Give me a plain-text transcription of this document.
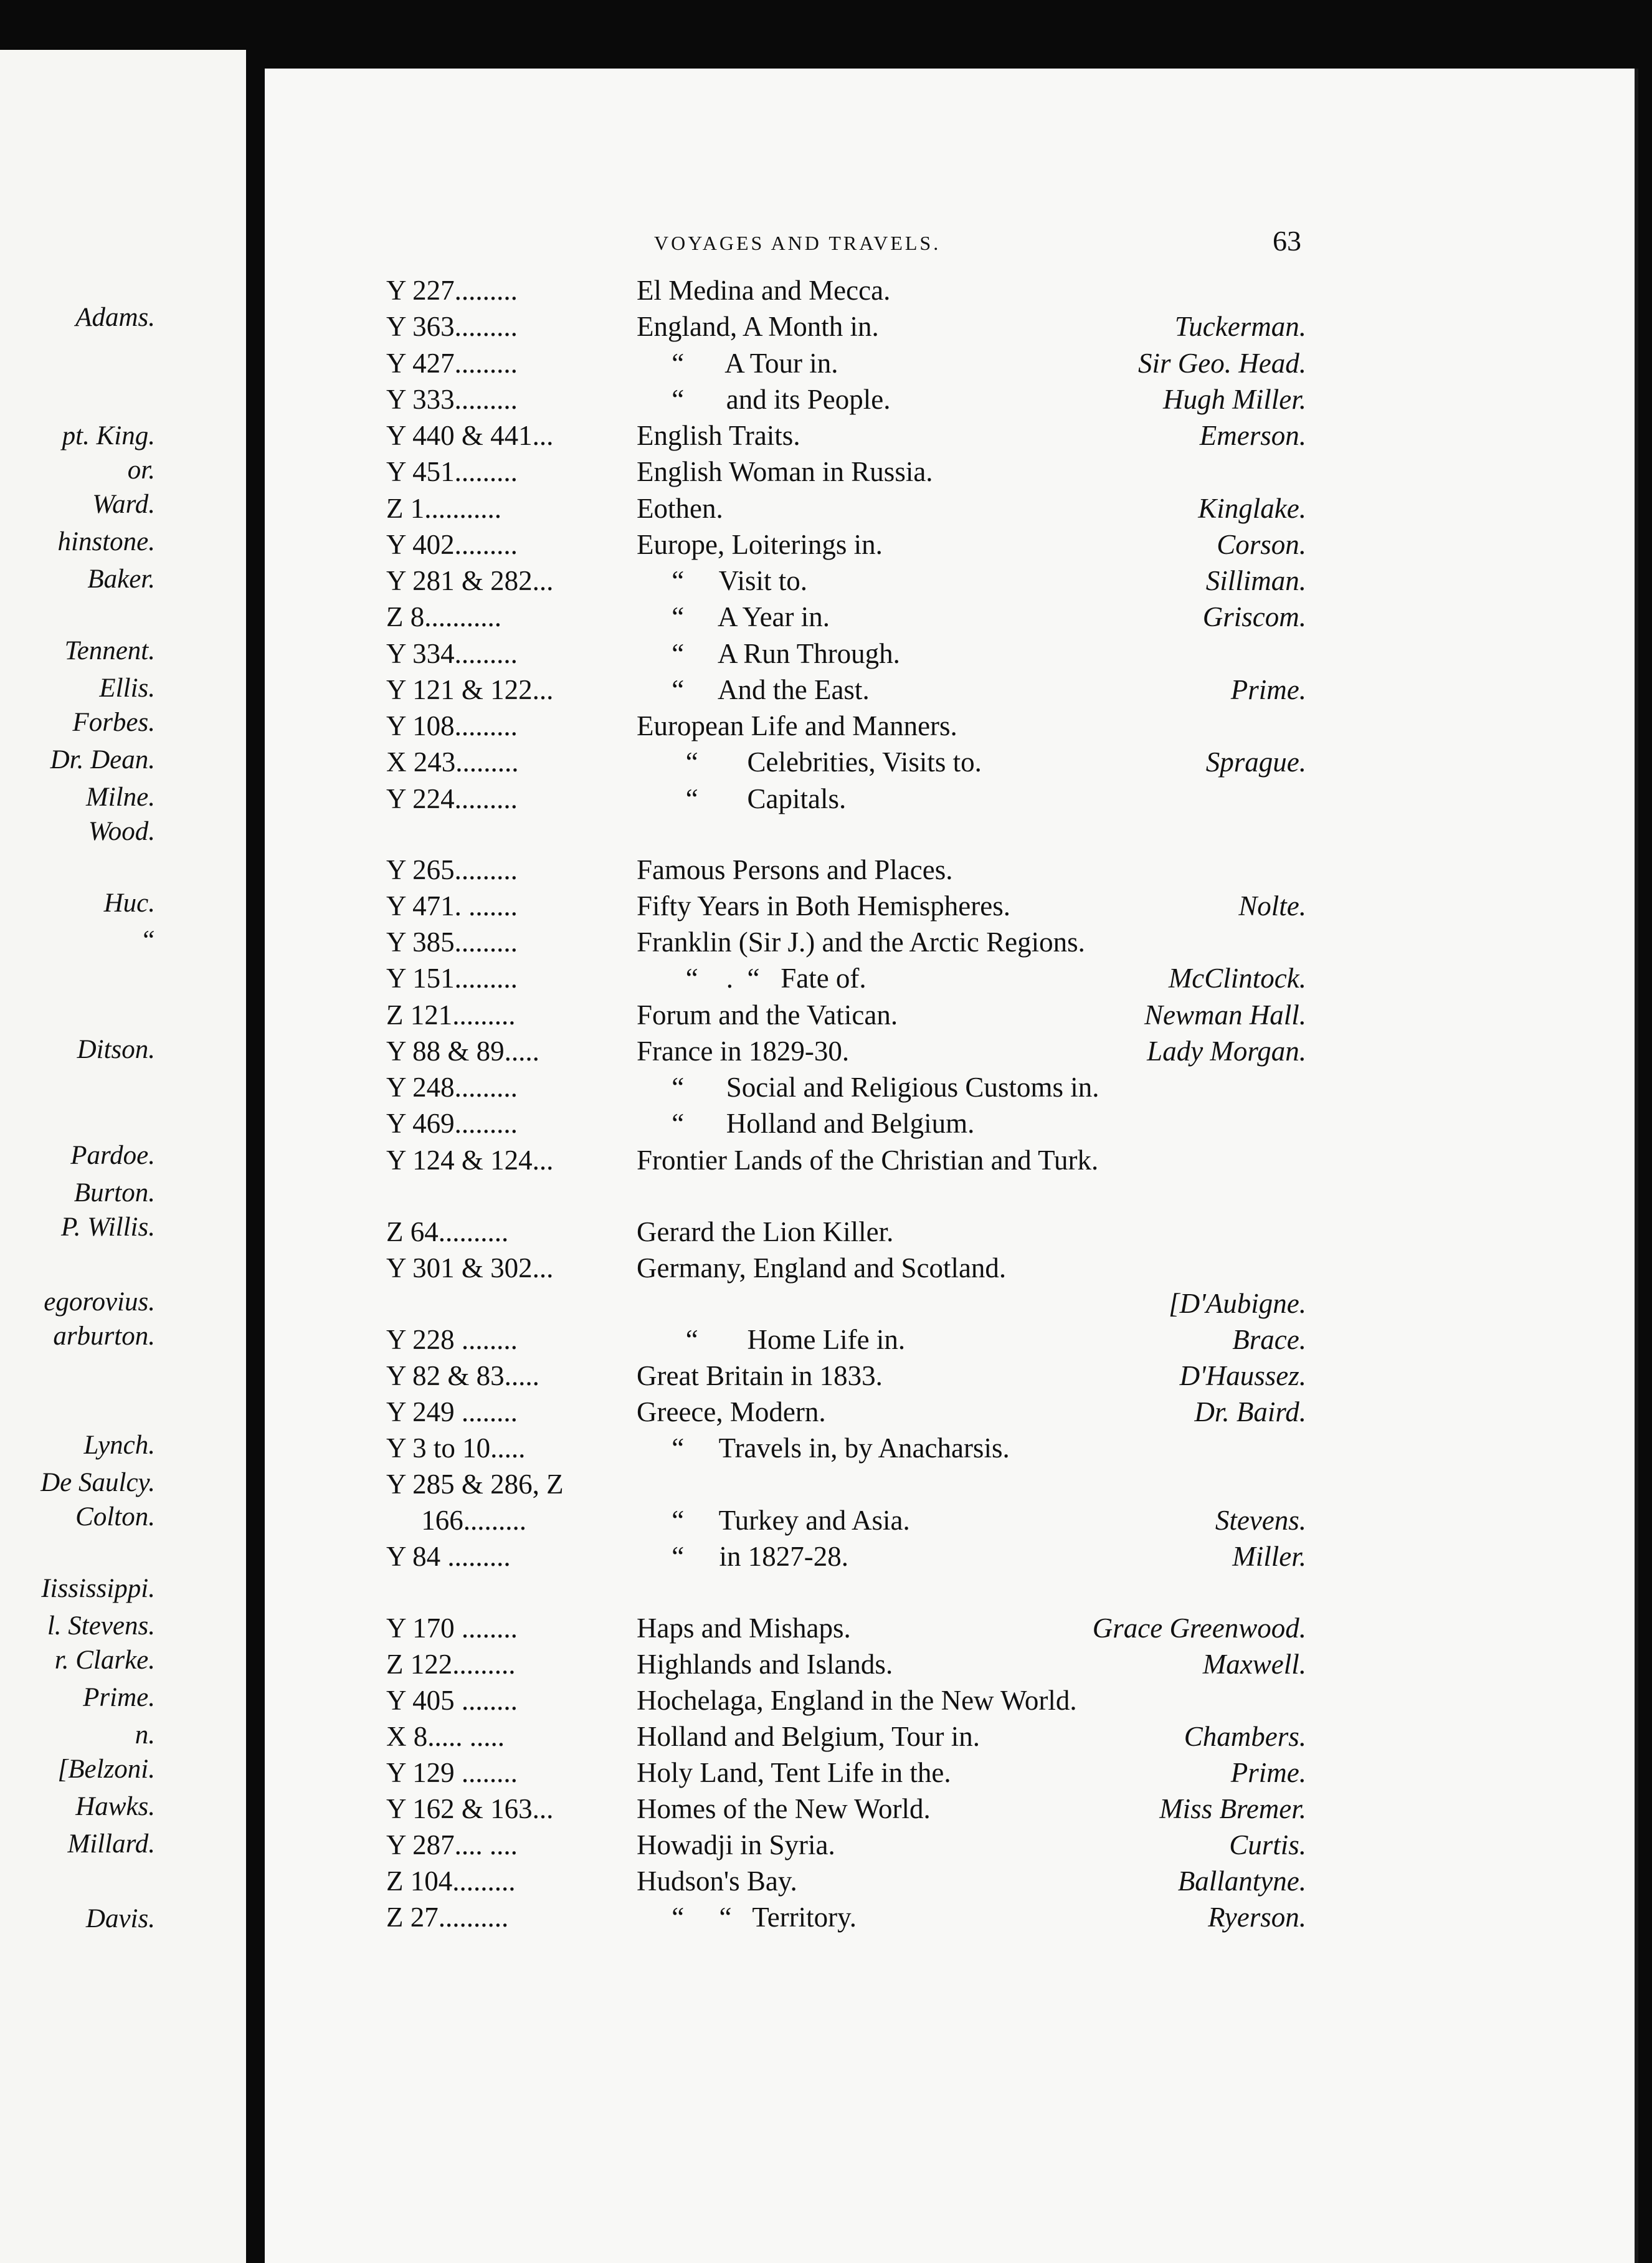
Adams.
pt. King.
or.
Ward.
hinstone.
Baker.
Tennent.
Ellis.
Forbes.
Dr. Dean.
Milne.
Wood.
Huc.
“
Ditson.
Pardoe.
Burton.
P. Willis.
egorovius.
arburton.
Lynch.
De Saulcy.
Colton.
Iississippi.
l. Stevens.
r. Clarke.
Prime.
n.
[Belzoni.
Hawks.
Millard.
Davis.
VOYAGES AND TRAVELS.	63
Y 227.........	El Medina and Mecca.
Y 363.........	England, A Month in.	Tuckerman.
Y 427.........	“      A Tour in.	Sir Geo. Head.
Y 333.........	“      and its People.	Hugh Miller.
Y 440 & 441...	English Traits.	Emerson.
Y 451.........	English Woman in Russia.
Z 1...........	Eothen.	Kinglake.
Y 402.........	Europe, Loiterings in.	Corson.
Y 281 & 282...	“     Visit to.	Silliman.
Z 8...........	“     A Year in.	Griscom.
Y 334.........	“     A Run Through.
Y 121 & 122...	“     And the East.	Prime.
Y 108.........	European Life and Manners.
X 243.........	“       Celebrities, Visits to.	Sprague.
Y 224.........	“       Capitals.
Y 265.........	Famous Persons and Places.
Y 471. .......	Fifty Years in Both Hemispheres.	Nolte.
Y 385.........	Franklin (Sir J.) and the Arctic Regions.
Y 151.........	“    .  “   Fate of.	McClintock.
Z 121.........	Forum and the Vatican.	Newman Hall.
Y 88 & 89.....	France in 1829-30.	Lady Morgan.
Y 248.........	“      Social and Religious Customs in.
Y 469.........	“      Holland and Belgium.
Y 124 & 124...	Frontier Lands of the Christian and Turk.
Z 64..........	Gerard the Lion Killer.
Y 301 & 302...	Germany, England and Scotland.
[D'Aubigne.
Y 228 ........	“       Home Life in.	Brace.
Y 82 & 83.....	Great Britain in 1833.	D'Haussez.
Y 249 ........	Greece, Modern.	Dr. Baird.
Y 3 to 10.....	“     Travels in, by Anacharsis.
Y 285 & 286, Z
166.........	“     Turkey and Asia.	Stevens.
Y 84 .........	“     in 1827-28.	Miller.
Y 170 ........	Haps and Mishaps.	Grace Greenwood.
Z 122.........	Highlands and Islands.	Maxwell.
Y 405 ........	Hochelaga, England in the New World.
X 8..... .....	Holland and Belgium, Tour in.	Chambers.
Y 129 ........	Holy Land, Tent Life in the.	Prime.
Y 162 & 163...	Homes of the New World.	Miss Bremer.
Y 287.... ....	Howadji in Syria.	Curtis.
Z 104.........	Hudson's Bay.	Ballantyne.
Z 27..........	“     “   Territory.	Ryerson.
